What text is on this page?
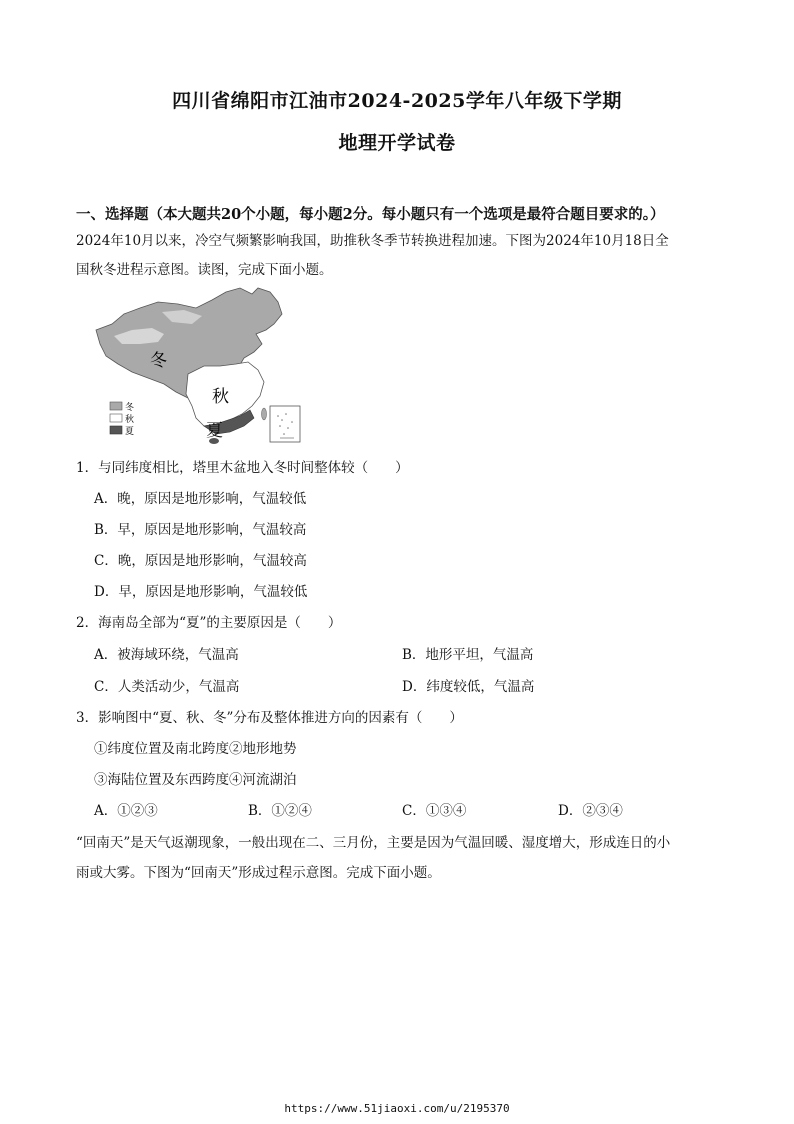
四川省绵阳市江油市2024-2025学年八年级下学期
地理开学试卷
一、选择题（本大题共20个小题，每小题2分。每小题只有一个选项是最符合题目要求的。）
2024年10月以来，冷空气频繁影响我国，助推秋冬季节转换进程加速。下图为2024年10月18日全
国秋冬进程示意图。读图，完成下面小题。
冬
秋
夏
冬
秋
夏
1．与同纬度相比，塔里木盆地入冬时间整体较（　　）
A．晚，原因是地形影响，气温较低
B．早，原因是地形影响，气温较高
C．晚，原因是地形影响，气温较高
D．早，原因是地形影响，气温较低
2．海南岛全部为“夏”的主要原因是（　　）
A．被海域环绕，气温高	B．地形平坦，气温高
C．人类活动少，气温高	D．纬度较低，气温高
3．影响图中“夏、秋、冬”分布及整体推进方向的因素有（　　）
①纬度位置及南北跨度②地形地势
③海陆位置及东西跨度④河流湖泊
A．①②③	B．①②④	C．①③④	D．②③④
“回南天”是天气返潮现象，一般出现在二、三月份，主要是因为气温回暖、湿度增大，形成连日的小
雨或大雾。下图为“回南天”形成过程示意图。完成下面小题。
https://www.51jiaoxi.com/u/2195370
